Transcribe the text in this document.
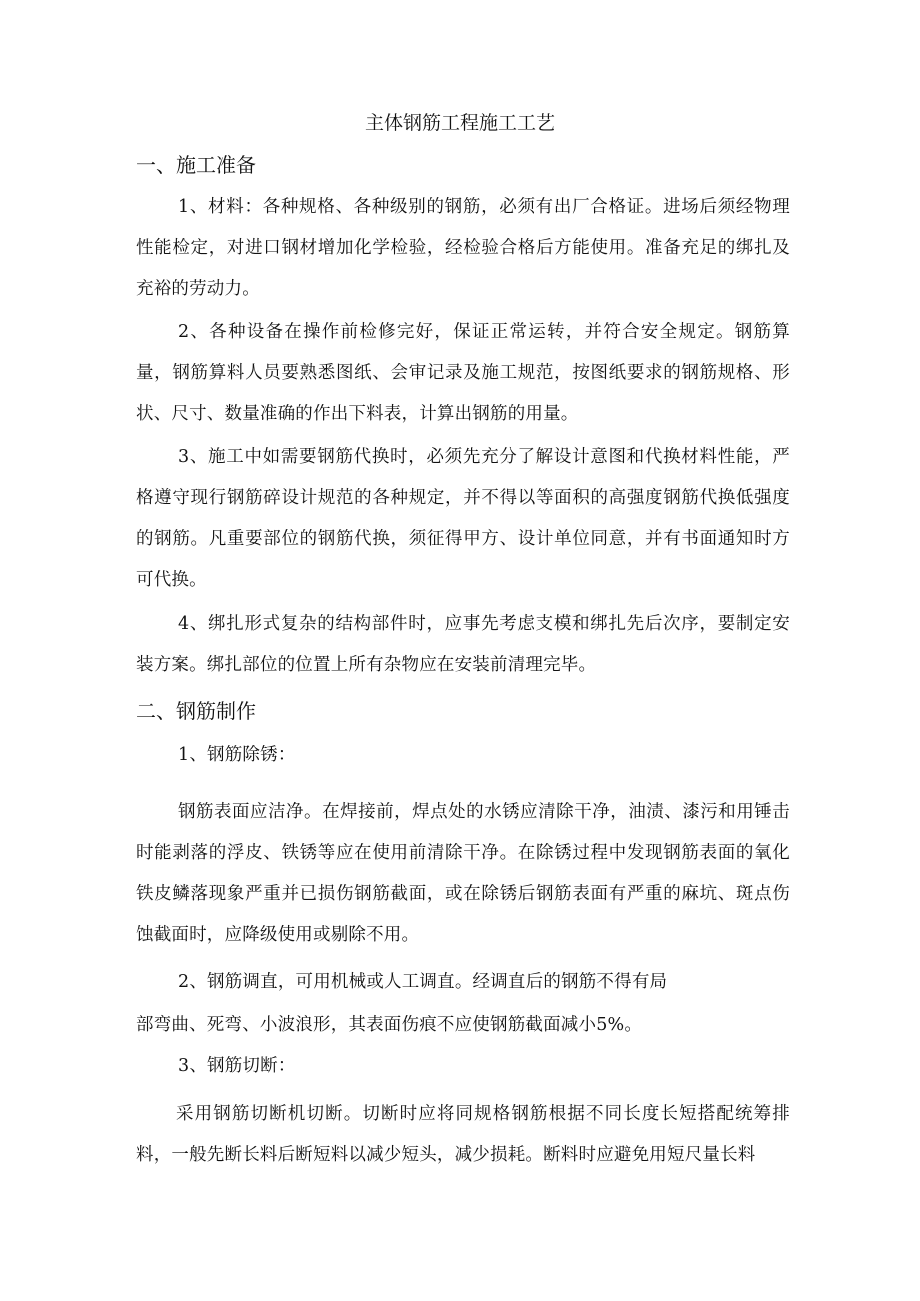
主体钢筋工程施工工艺
一、施工准备

1、材料：各种规格、各种级别的钢筋，必须有出厂合格证。进场后须经物理性能检定，对进口钢材增加化学检验，经检验合格后方能使用。准备充足的绑扎及充裕的劳动力。

2、各种设备在操作前检修完好，保证正常运转，并符合安全规定。钢筋算量，钢筋算料人员要熟悉图纸、会审记录及施工规范，按图纸要求的钢筋规格、形状、尺寸、数量准确的作出下料表，计算出钢筋的用量。

3、施工中如需要钢筋代换时，必须先充分了解设计意图和代换材料性能，严格遵守现行钢筋碎设计规范的各种规定，并不得以等面积的高强度钢筋代换低强度的钢筋。凡重要部位的钢筋代换，须征得甲方、设计单位同意，并有书面通知时方可代换。

4、绑扎形式复杂的结构部件时，应事先考虑支模和绑扎先后次序，要制定安装方案。绑扎部位的位置上所有杂物应在安装前清理完毕。

二、钢筋制作
1、钢筋除锈：

钢筋表面应洁净。在焊接前，焊点处的水锈应清除干净，油渍、漆污和用锤击时能剥落的浮皮、铁锈等应在使用前清除干净。在除锈过程中发现钢筋表面的氧化铁皮鳞落现象严重并已损伤钢筋截面，或在除锈后钢筋表面有严重的麻坑、斑点伤蚀截面时，应降级使用或剔除不用。

2、钢筋调直，可用机械或人工调直。经调直后的钢筋不得有局
部弯曲、死弯、小波浪形，其表面伤痕不应使钢筋截面减小5%。
3、钢筋切断：

采用钢筋切断机切断。切断时应将同规格钢筋根据不同长度长短搭配统筹排料，一般先断长料后断短料以减少短头，减少损耗。断料时应避免用短尺量长料
